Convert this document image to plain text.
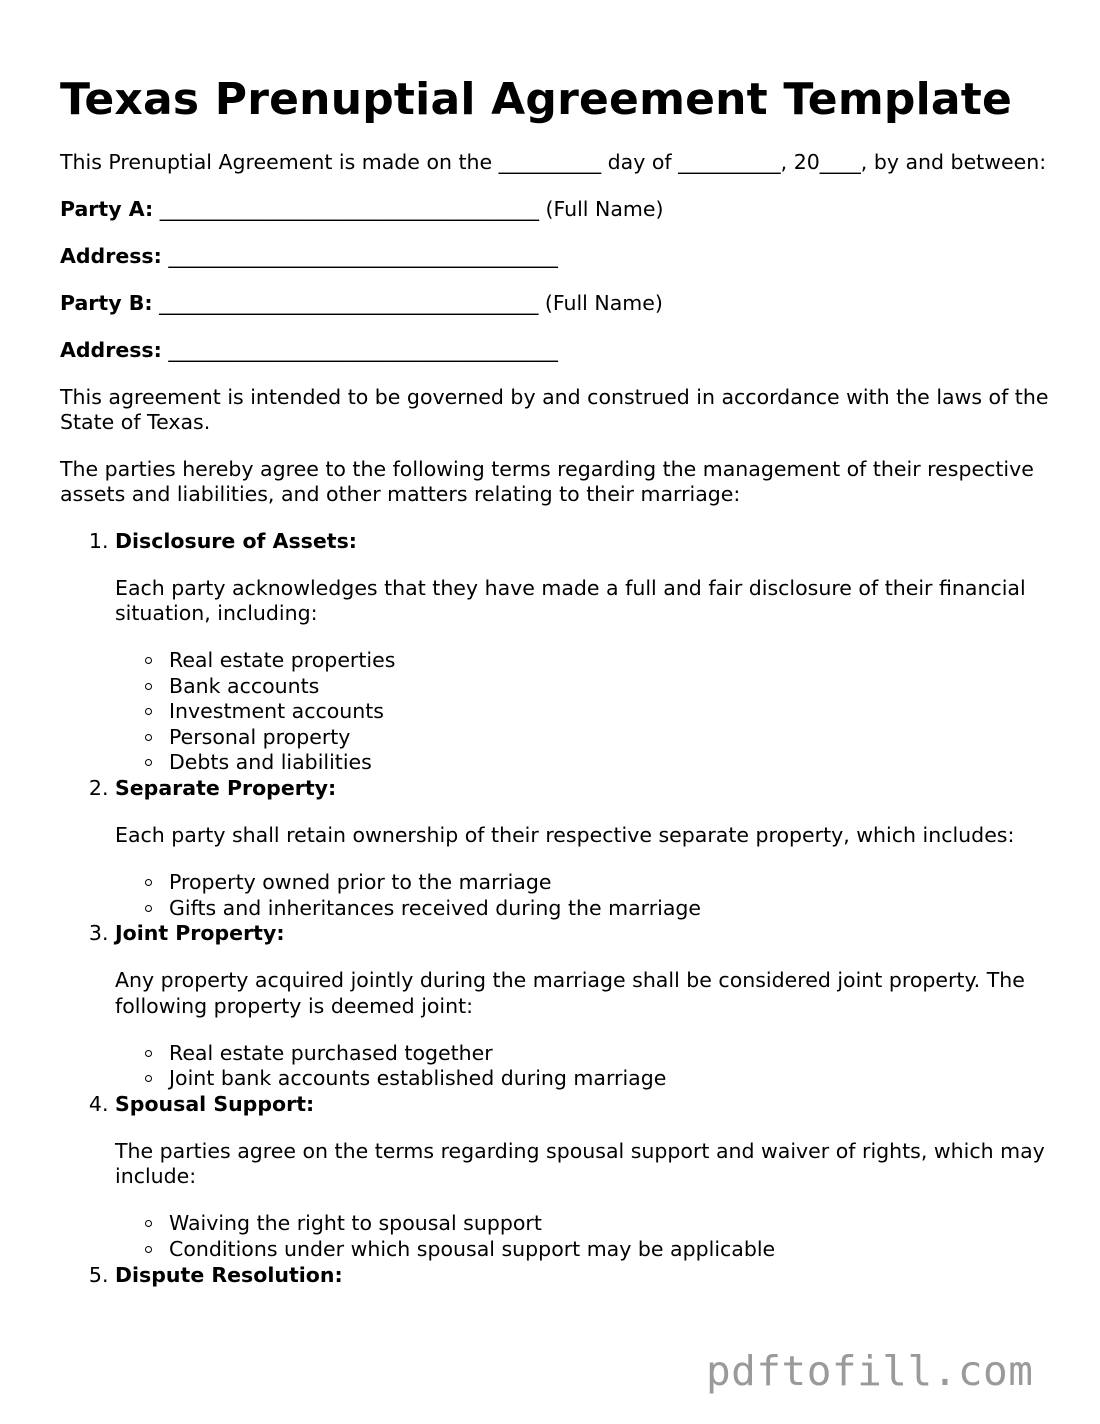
Texas Prenuptial Agreement Template

This Prenuptial Agreement is made on the __________ day of __________, 20____, by and between:

Party A: _____________________________________ (Full Name)
Address: ______________________________________
Party B: _____________________________________ (Full Name)
Address: ______________________________________

This agreement is intended to be governed by and construed in accordance with the laws of the State of Texas.

The parties hereby agree to the following terms regarding the management of their respective assets and liabilities, and other matters relating to their marriage:

1. Disclosure of Assets:

Each party acknowledges that they have made a full and fair disclosure of their financial situation, including:

Real estate properties
Bank accounts
Investment accounts
Personal property
Debts and liabilities
2. Separate Property:

Each party shall retain ownership of their respective separate property, which includes:

Property owned prior to the marriage
Gifts and inheritances received during the marriage
3. Joint Property:

Any property acquired jointly during the marriage shall be considered joint property. The following property is deemed joint:

Real estate purchased together
Joint bank accounts established during marriage
4. Spousal Support:

The parties agree on the terms regarding spousal support and waiver of rights, which may include:

Waiving the right to spousal support
Conditions under which spousal support may be applicable
5. Dispute Resolution:
pdftofill.com
